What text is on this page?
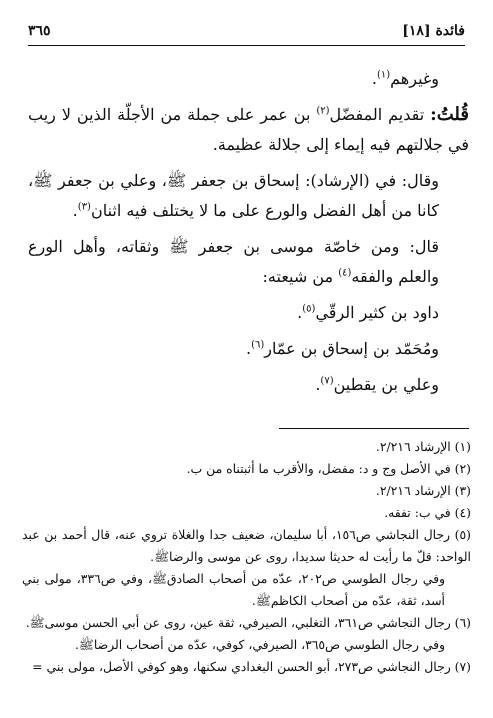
فائدة [١٨]
٣٦٥

وغيرهم$^{(١)}$.

قُلتُ: تقديم المفضّل$^{(٢)}$ بن عمر على جملة من الأجلّة الذين لا ريب في جلالتهم فيه إيماء إلى جلالة عظيمة.

وقال: في (الإرشاد): إسحاق بن جعفر ﷺ، وعلي بن جعفر ﷺ، كانا من أهل الفضل والورع على ما لا يختلف فيه اثنان$^{(٣)}$.

قال: ومن خاصّة موسى بن جعفر ﷺ وثقاته، وأهل الورع والعلم والفقه$^{(٤)}$ من شيعته:

داود بن كثير الرقّي$^{(٥)}$.

ومُحَمّد بن إسحاق بن عمّار$^{(٦)}$.

وعلي بن يقطين$^{(٧)}$.

(١) الإرشاد ٢/٢١٦.

(٢) في الأصل وج و د: مفضل، والأقرب ما أثبتناه من ب.

(٣) الإرشاد ٢/٢١٦.

(٤) في ب: تفقه.

(٥) رجال النجاشي ص١٥٦، أبا سليمان، ضعيف جدا والغلاة تروي عنه، قال أحمد بن عبد الواحد: قلّ ما رأيت له حديثا سديدا، روى عن موسى والرضاﷺ.

وفي رجال الطوسي ص٢٠٢، عدّه من أصحاب الصادقﷺ، وفي ص٣٣٦، مولى بني أسد، ثقة، عدّه من أصحاب الكاظمﷺ.

(٦) رجال النجاشي ص٣٦١، التغلبي، الصيرفي، ثقة عين، روى عن أبي الحسن موسىﷺ.

وفي رجال الطوسي ص٣٦٥، الصيرفي، كوفي، عدّه من أصحاب الرضاﷺ.

(٧) رجال النجاشي ص٢٧٣، أبو الحسن البغدادي سكنها، وهو كوفي الأصل، مولى بني =
